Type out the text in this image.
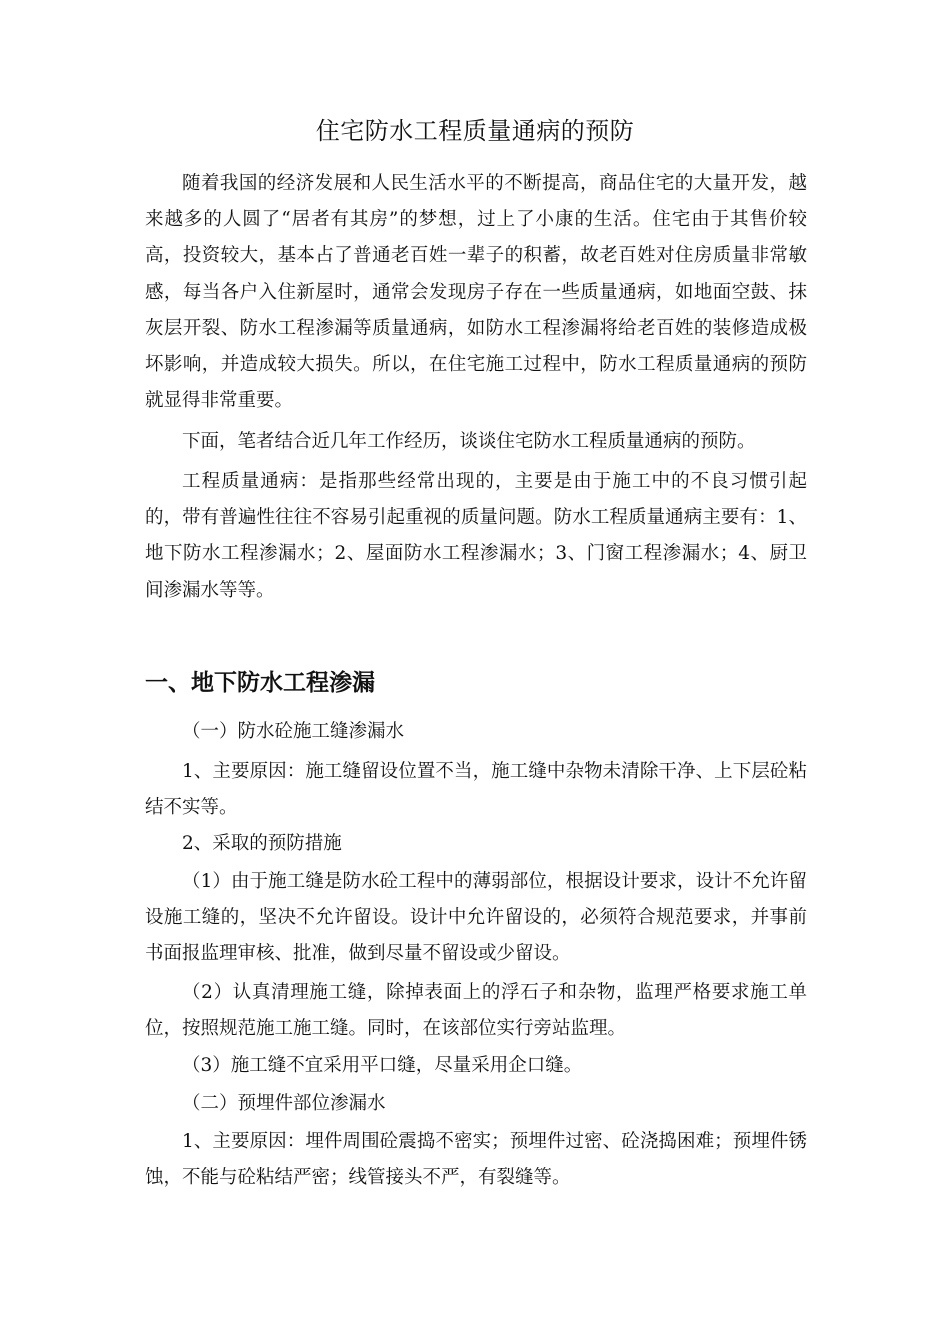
住宅防水工程质量通病的预防

随着我国的经济发展和人民生活水平的不断提高，商品住宅的大量开发，越来越多的人圆了“居者有其房”的梦想，过上了小康的生活。住宅由于其售价较高，投资较大，基本占了普通老百姓一辈子的积蓄，故老百姓对住房质量非常敏感，每当各户入住新屋时，通常会发现房子存在一些质量通病，如地面空鼓、抹灰层开裂、防水工程渗漏等质量通病，如防水工程渗漏将给老百姓的装修造成极坏影响，并造成较大损失。所以，在住宅施工过程中，防水工程质量通病的预防就显得非常重要。

下面，笔者结合近几年工作经历，谈谈住宅防水工程质量通病的预防。

工程质量通病：是指那些经常出现的，主要是由于施工中的不良习惯引起的，带有普遍性往往不容易引起重视的质量问题。防水工程质量通病主要有：1、地下防水工程渗漏水；2、屋面防水工程渗漏水；3、门窗工程渗漏水；4、厨卫间渗漏水等等。

一、地下防水工程渗漏

（一）防水砼施工缝渗漏水

1、主要原因：施工缝留设位置不当，施工缝中杂物未清除干净、上下层砼粘结不实等。

2、采取的预防措施

（1）由于施工缝是防水砼工程中的薄弱部位，根据设计要求，设计不允许留设施工缝的，坚决不允许留设。设计中允许留设的，必须符合规范要求，并事前书面报监理审核、批准，做到尽量不留设或少留设。

（2）认真清理施工缝，除掉表面上的浮石子和杂物，监理严格要求施工单位，按照规范施工施工缝。同时，在该部位实行旁站监理。

（3）施工缝不宜采用平口缝，尽量采用企口缝。

（二）预埋件部位渗漏水

1、主要原因：埋件周围砼震捣不密实；预埋件过密、砼浇捣困难；预埋件锈蚀，不能与砼粘结严密；线管接头不严，有裂缝等。
